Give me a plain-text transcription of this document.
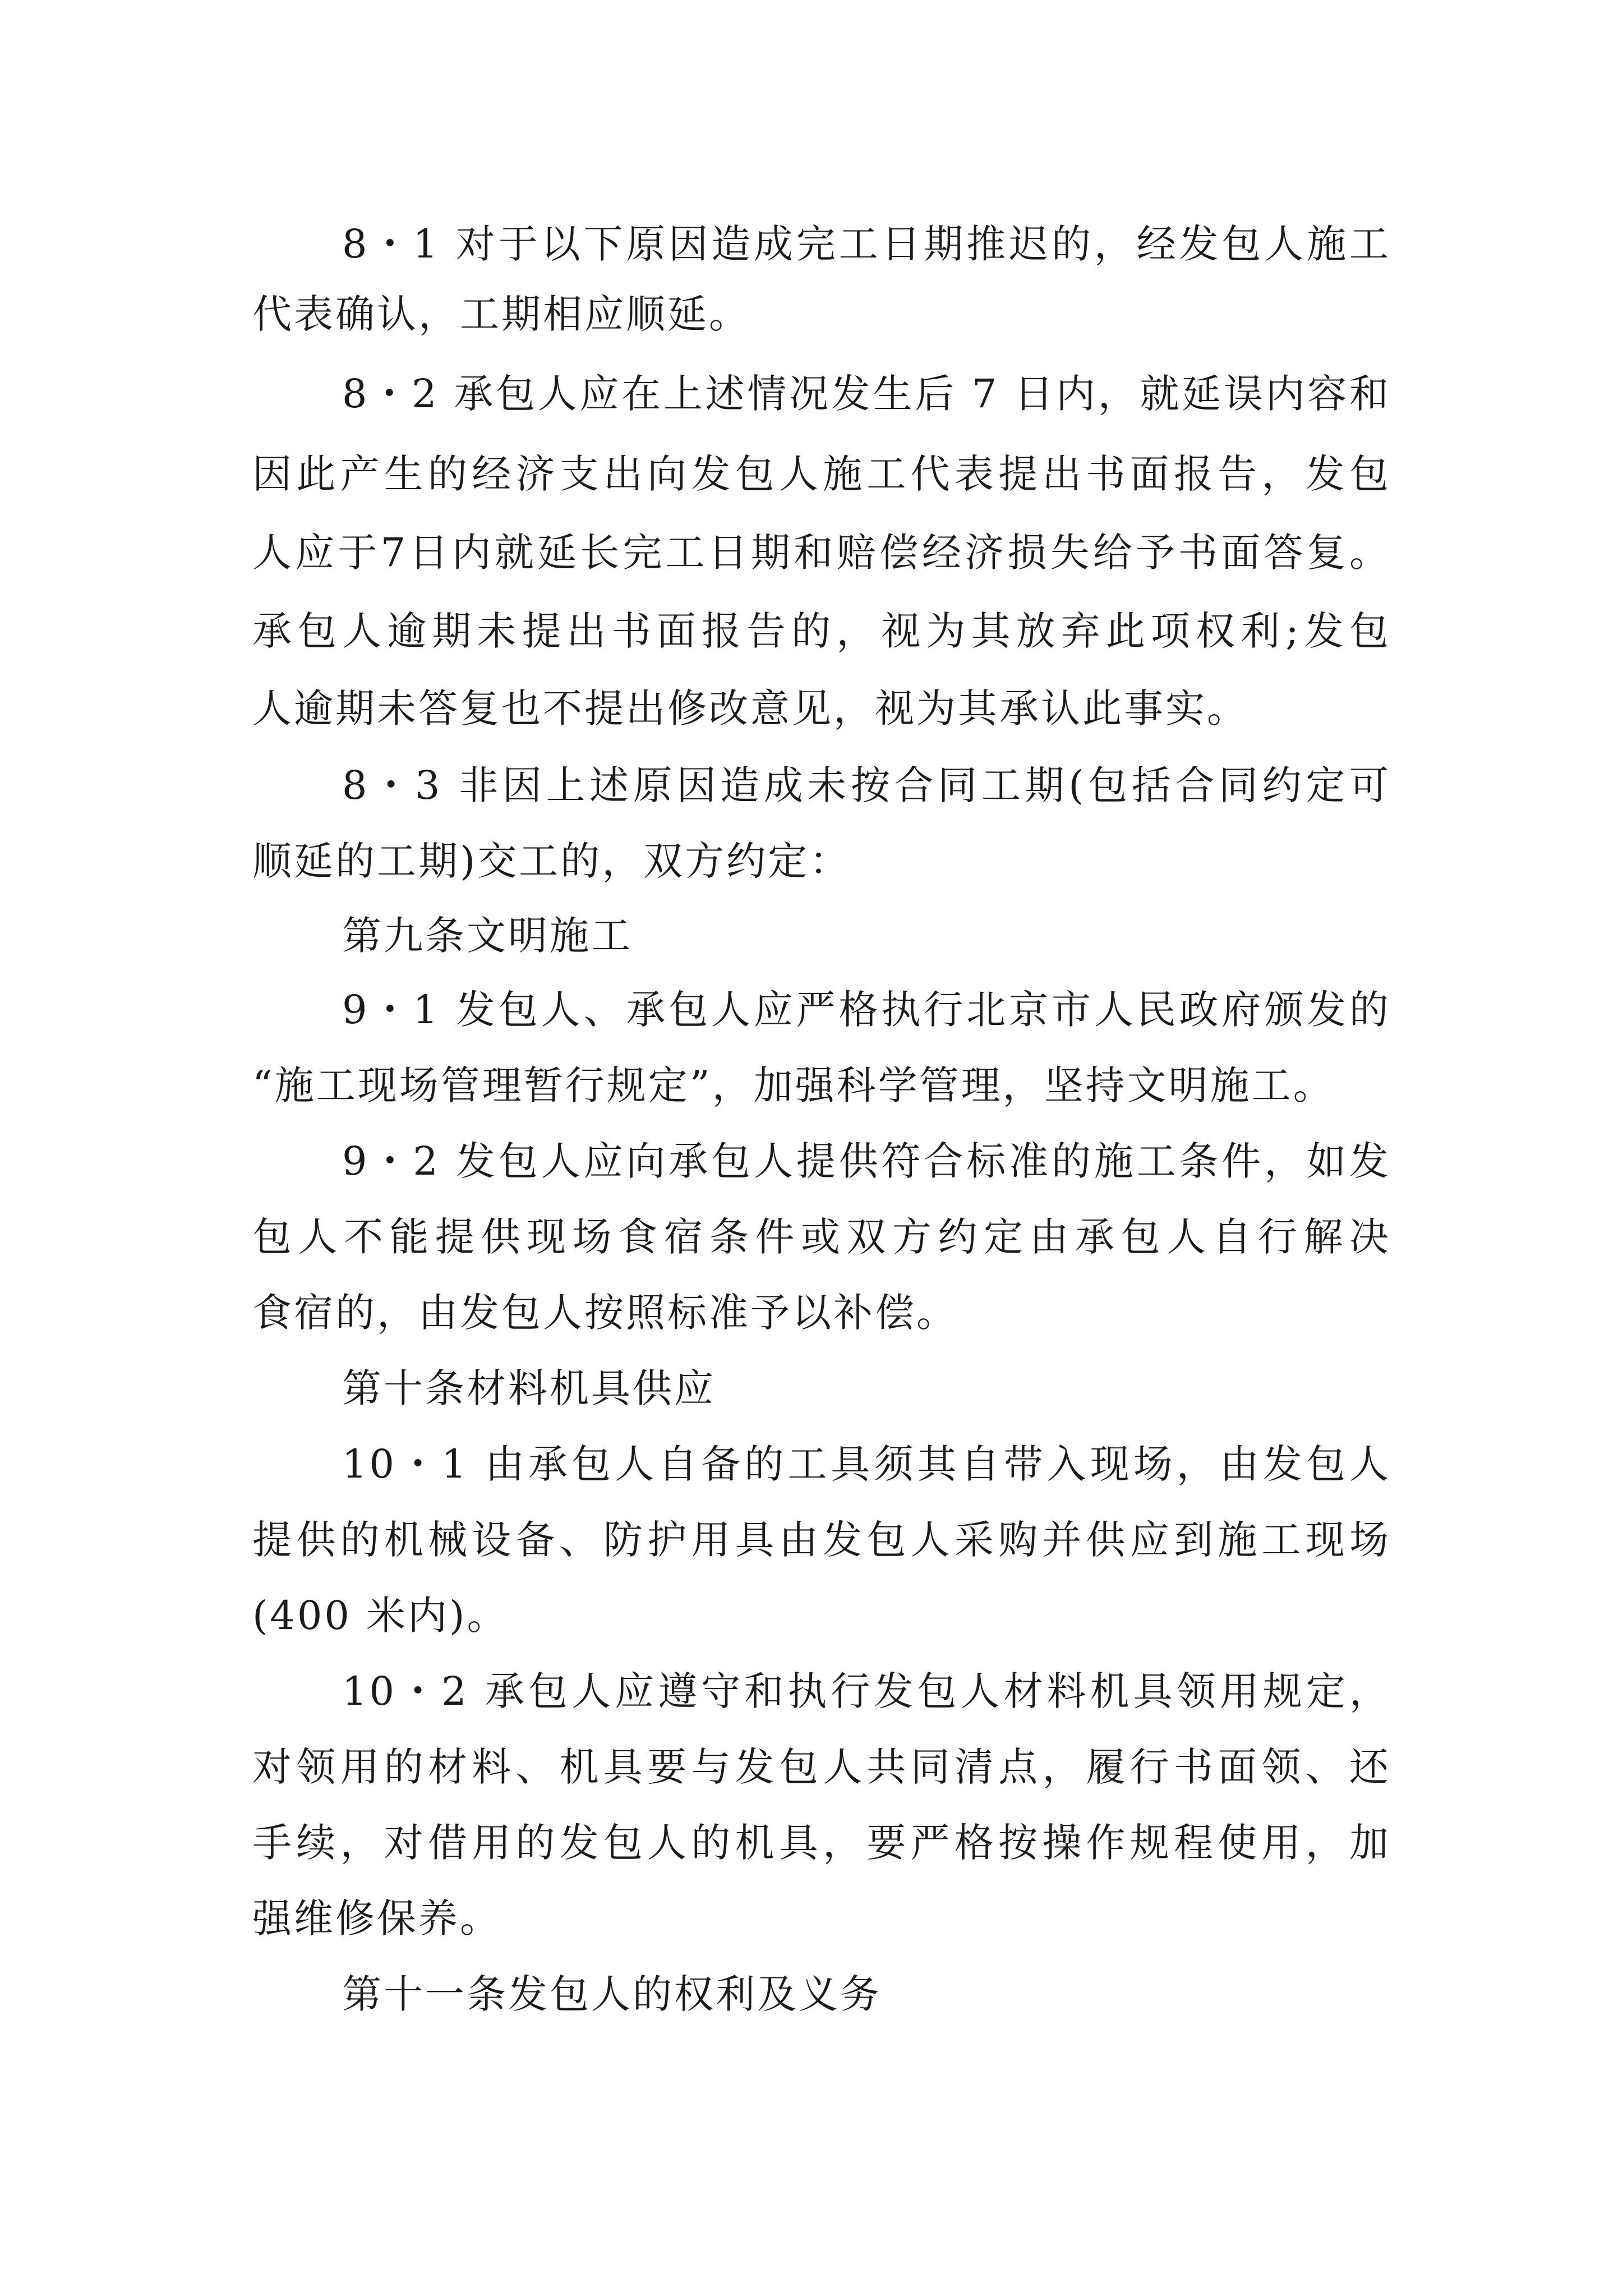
8・1 对于以下原因造成完工日期推迟的，经发包人施工

代表确认，工期相应顺延。

8・2 承包人应在上述情况发生后 7 日内，就延误内容和

因此产生的经济支出向发包人施工代表提出书面报告，发包

人应于7日内就延长完工日期和赔偿经济损失给予书面答复。

承包人逾期未提出书面报告的，视为其放弃此项权利;发包

人逾期未答复也不提出修改意见，视为其承认此事实。

8・3 非因上述原因造成未按合同工期(包括合同约定可

顺延的工期)交工的，双方约定：

第九条文明施工

9・1 发包人、承包人应严格执行北京市人民政府颁发的

“施工现场管理暂行规定”，加强科学管理，坚持文明施工。

9・2 发包人应向承包人提供符合标准的施工条件，如发

包人不能提供现场食宿条件或双方约定由承包人自行解决

食宿的，由发包人按照标准予以补偿。

第十条材料机具供应

10・1 由承包人自备的工具须其自带入现场，由发包人

提供的机械设备、防护用具由发包人采购并供应到施工现场

(400 米内)。

10・2 承包人应遵守和执行发包人材料机具领用规定，

对领用的材料、机具要与发包人共同清点，履行书面领、还

手续，对借用的发包人的机具，要严格按操作规程使用，加

强维修保养。

第十一条发包人的权利及义务
